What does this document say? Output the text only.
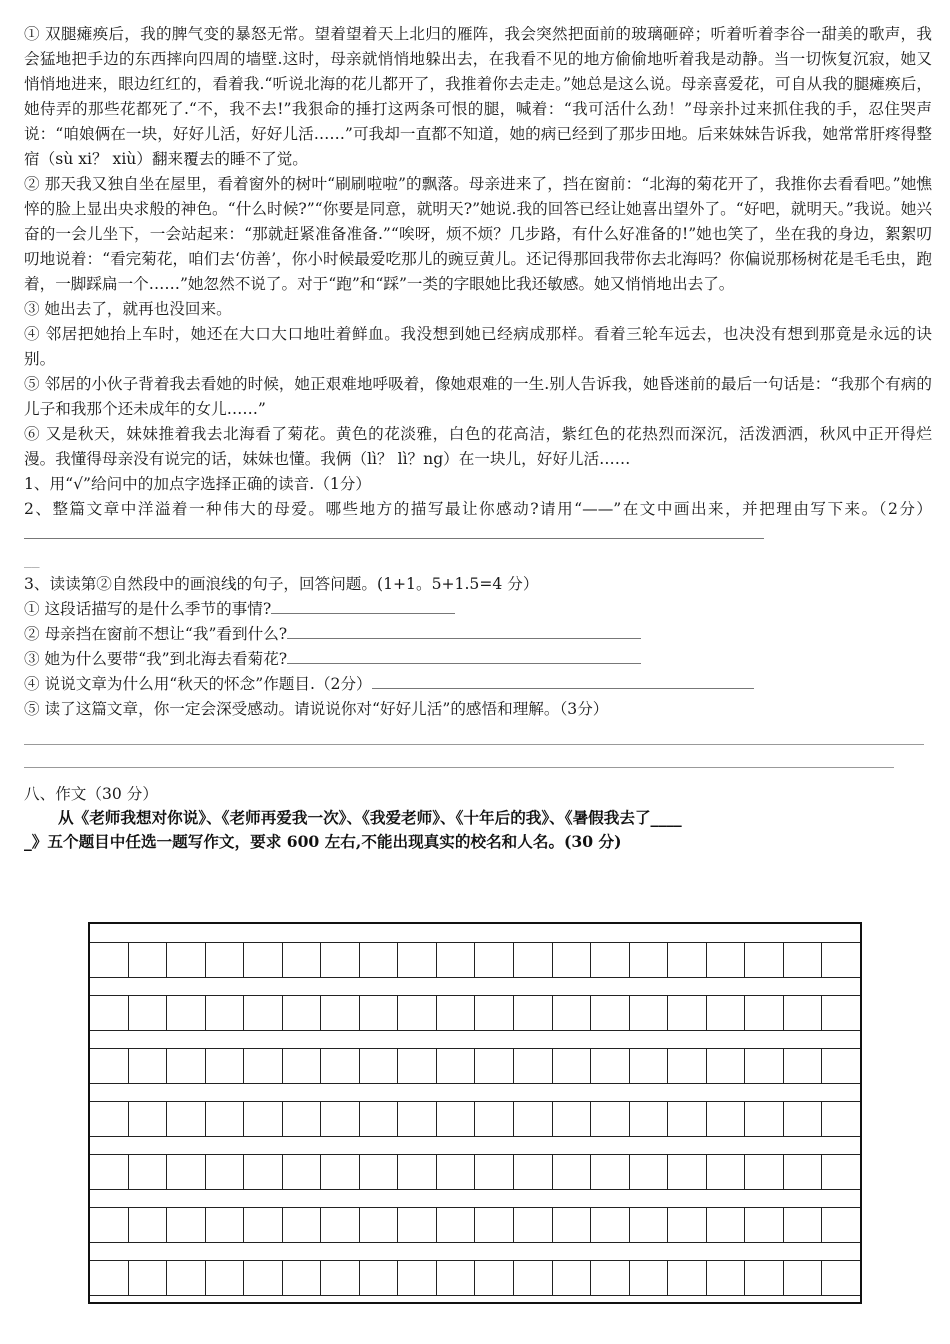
① 双腿瘫痪后，我的脾气变的暴怒无常。望着望着天上北归的雁阵，我会突然把面前的玻璃砸碎；听着听着李谷一甜美的歌声，我会猛地把手边的东西摔向四周的墙壁.这时，母亲就悄悄地躲出去，在我看不见的地方偷偷地听着我是动静。当一切恢复沉寂，她又悄悄地进来，眼边红红的，看着我.“听说北海的花儿都开了，我推着你去走走。”她总是这么说。母亲喜爱花，可自从我的腿瘫痪后，她侍弄的那些花都死了.“不，我不去!”我狠命的捶打这两条可恨的腿，喊着：“我可活什么劲！”母亲扑过来抓住我的手，忍住哭声说：“咱娘俩在一块，好好儿活，好好儿活……”可我却一直都不知道，她的病已经到了那步田地。后来妹妹告诉我，她常常肝疼得整宿（sù xi？ xiù）翻来覆去的睡不了觉。

② 那天我又独自坐在屋里，看着窗外的树叶“刷刷啦啦”的飘落。母亲进来了，挡在窗前：“北海的菊花开了，我推你去看看吧。”她憔悴的脸上显出央求般的神色。“什么时候?”“你要是同意，就明天?”她说.我的回答已经让她喜出望外了。“好吧，就明天。”我说。她兴奋的一会儿坐下，一会站起来：“那就赶紧准备准备.”“唉呀，烦不烦？几步路，有什么好准备的!”她也笑了，坐在我的身边，絮絮叨叨地说着：“看完菊花，咱们去‘仿善’，你小时候最爱吃那儿的豌豆黄儿。还记得那回我带你去北海吗？你偏说那杨树花是毛毛虫，跑着，一脚踩扁一个……”她忽然不说了。对于“跑”和“踩”一类的字眼她比我还敏感。她又悄悄地出去了。

③ 她出去了，就再也没回来。

④ 邻居把她抬上车时，她还在大口大口地吐着鲜血。我没想到她已经病成那样。看着三轮车远去，也决没有想到那竟是永远的诀别。

⑤ 邻居的小伙子背着我去看她的时候，她正艰难地呼吸着，像她艰难的一生.别人告诉我，她昏迷前的最后一句话是：“我那个有病的儿子和我那个还未成年的女儿……”

⑥ 又是秋天，妹妹推着我去北海看了菊花。黄色的花淡雅，白色的花高洁，紫红色的花热烈而深沉，活泼洒洒，秋风中正开得烂漫。我懂得母亲没有说完的话，妹妹也懂。我俩（lì？ lì？ng）在一块儿，好好儿活……

1、用“√”给问中的加点字选择正确的读音.（1分）

2、整篇文章中洋溢着一种伟大的母爱。哪些地方的描写最让你感动?请用“——”在文中画出来，并把理由写下来。（2分）

__

3、读读第②自然段中的画浪线的句子，回答问题。(1+1。5+1.5=4 分）

① 这段话描写的是什么季节的事情?

② 母亲挡在窗前不想让“我”看到什么?

③ 她为什么要带“我”到北海去看菊花?

④ 说说文章为什么用“秋天的怀念”作题目.（2分）

⑤ 读了这篇文章，你一定会深受感动。请说说你对“好好儿活”的感悟和理解。（3分）

八、作文（30 分）

从《老师我想对你说》、《老师再爱我一次》、《我爱老师》、《十年后的我》、《暑假我去了____

_》五个题目中任选一题写作文，要求 600 左右,不能出现真实的校名和人名。(30 分)
